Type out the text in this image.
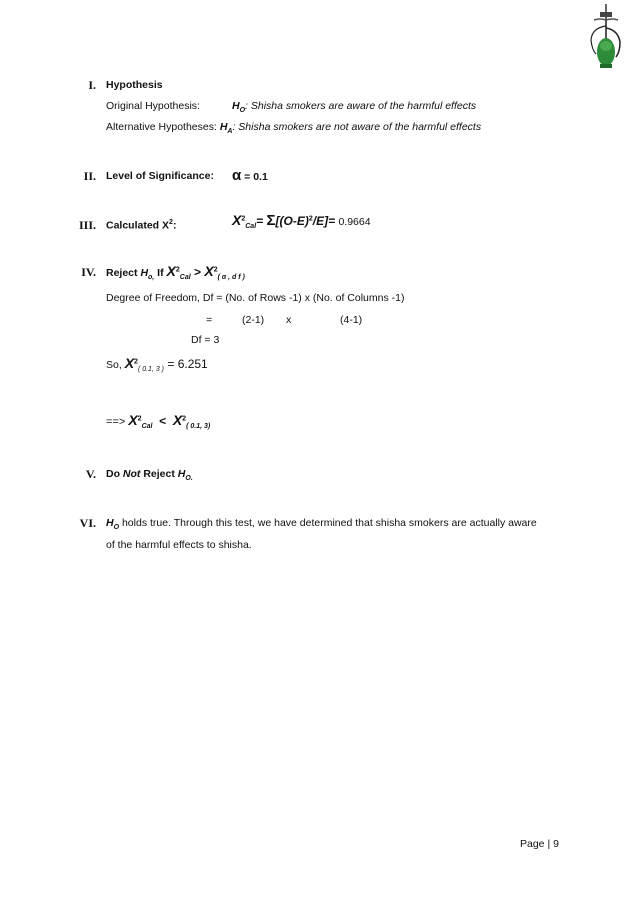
I. Hypothesis
Original Hypothesis:	$H_O$: Shisha smokers are aware of the harmful effects
Alternative Hypotheses: $H_A$: Shisha smokers are not aware of the harmful effects
II. Level of Significance: α = 0.1
III. Calculated $X^2$:	$X^2_{Cal}= \Sigma[(O-E)^2/E]= 0.9664$
IV. Reject $H_{o,}$ If $X^2_{Cal} > X^2_{( \alpha , d f )}$
Degree of Freedom, Df = (No. of Rows -1) x (No. of Columns -1)
=	(2-1) x	(4-1)
Df = 3
So, $X^2_{( 0.1, 3 )} = 6.251$
==> $X^2_{Cal} < X^2_{( 0.1, 3)}$
V. Do Not Reject $H_{O.}$
VI. $H_O$ holds true. Through this test, we have determined that shisha smokers are actually aware
of the harmful effects to shisha.
Page | 9
